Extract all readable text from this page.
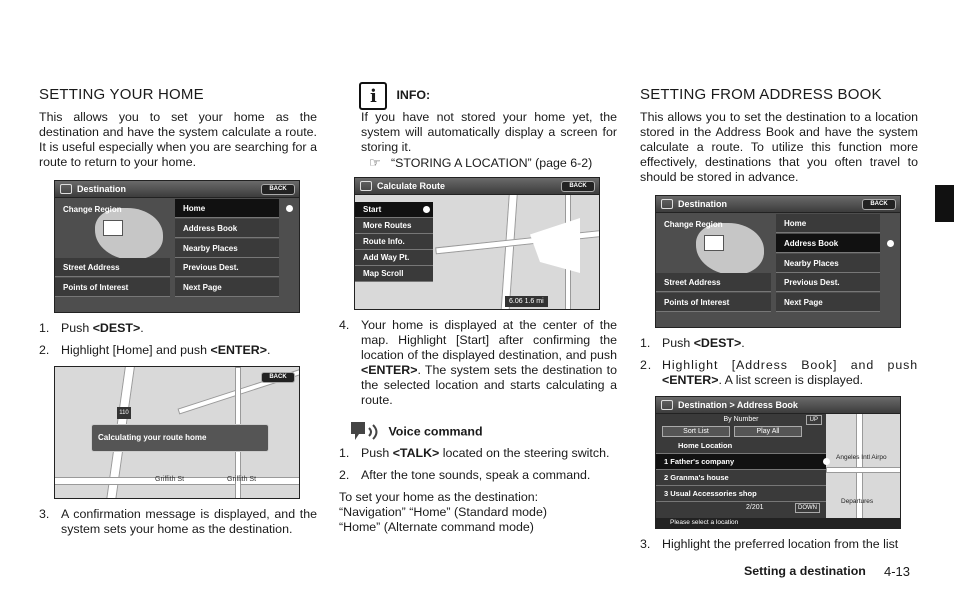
SETTING YOUR HOME

This allows you to set your home as the destination and have the system calculate a route. It is useful especially when you are searching for a route to return to your home.

Destination	BACK
Change Region
Street Address
Points of Interest
Home
Address Book
Nearby Places
Previous Dest.
Next Page
1. Push <DEST>.
2. Highlight [Home] and push <ENTER>.
110
BACK
Calculating your route home
Griffith St	Griffith St
3. A confirmation message is displayed, and the system sets your home as the destination.
i INFO:

If you have not stored your home yet, the system will automatically display a screen for storing it.

☞ “STORING A LOCATION” (page 6-2)
Calculate Route	BACK
Start
More Routes
Route Info.
Add Way Pt.
Map Scroll
6.06 1.6 mi
4. Your home is displayed at the center of the map. Highlight [Start] after confirming the location of the displayed destination, and push <ENTER>. The system sets the destination to the selected location and starts calculating a route.
Voice command
1. Push <TALK> located on the steering switch.
2. After the tone sounds, speak a command.

To set your home as the destination:

“Navigation” “Home” (Standard mode)

“Home” (Alternate command mode)

SETTING FROM ADDRESS BOOK

This allows you to set the destination to a location stored in the Address Book and have the system calculate a route. To utilize this function more effectively, destinations that you often travel to should be stored in advance.

Destination	BACK
Change Region
Street Address
Points of Interest
Home
Address Book
Nearby Places
Previous Dest.
Next Page
1. Push <DEST>.
2. Highlight [Address Book] and push <ENTER>. A list screen is displayed.
Destination > Address Book
By Number	UP
Sort List	Play All
Home Location
1 Father's company
2 Granma's house
3 Usual Accessories shop
2/201	DOWN
Angeles Intl Airpo
Departures
Please select a location
3. Highlight the preferred location from the list
Setting a destination 4-13
